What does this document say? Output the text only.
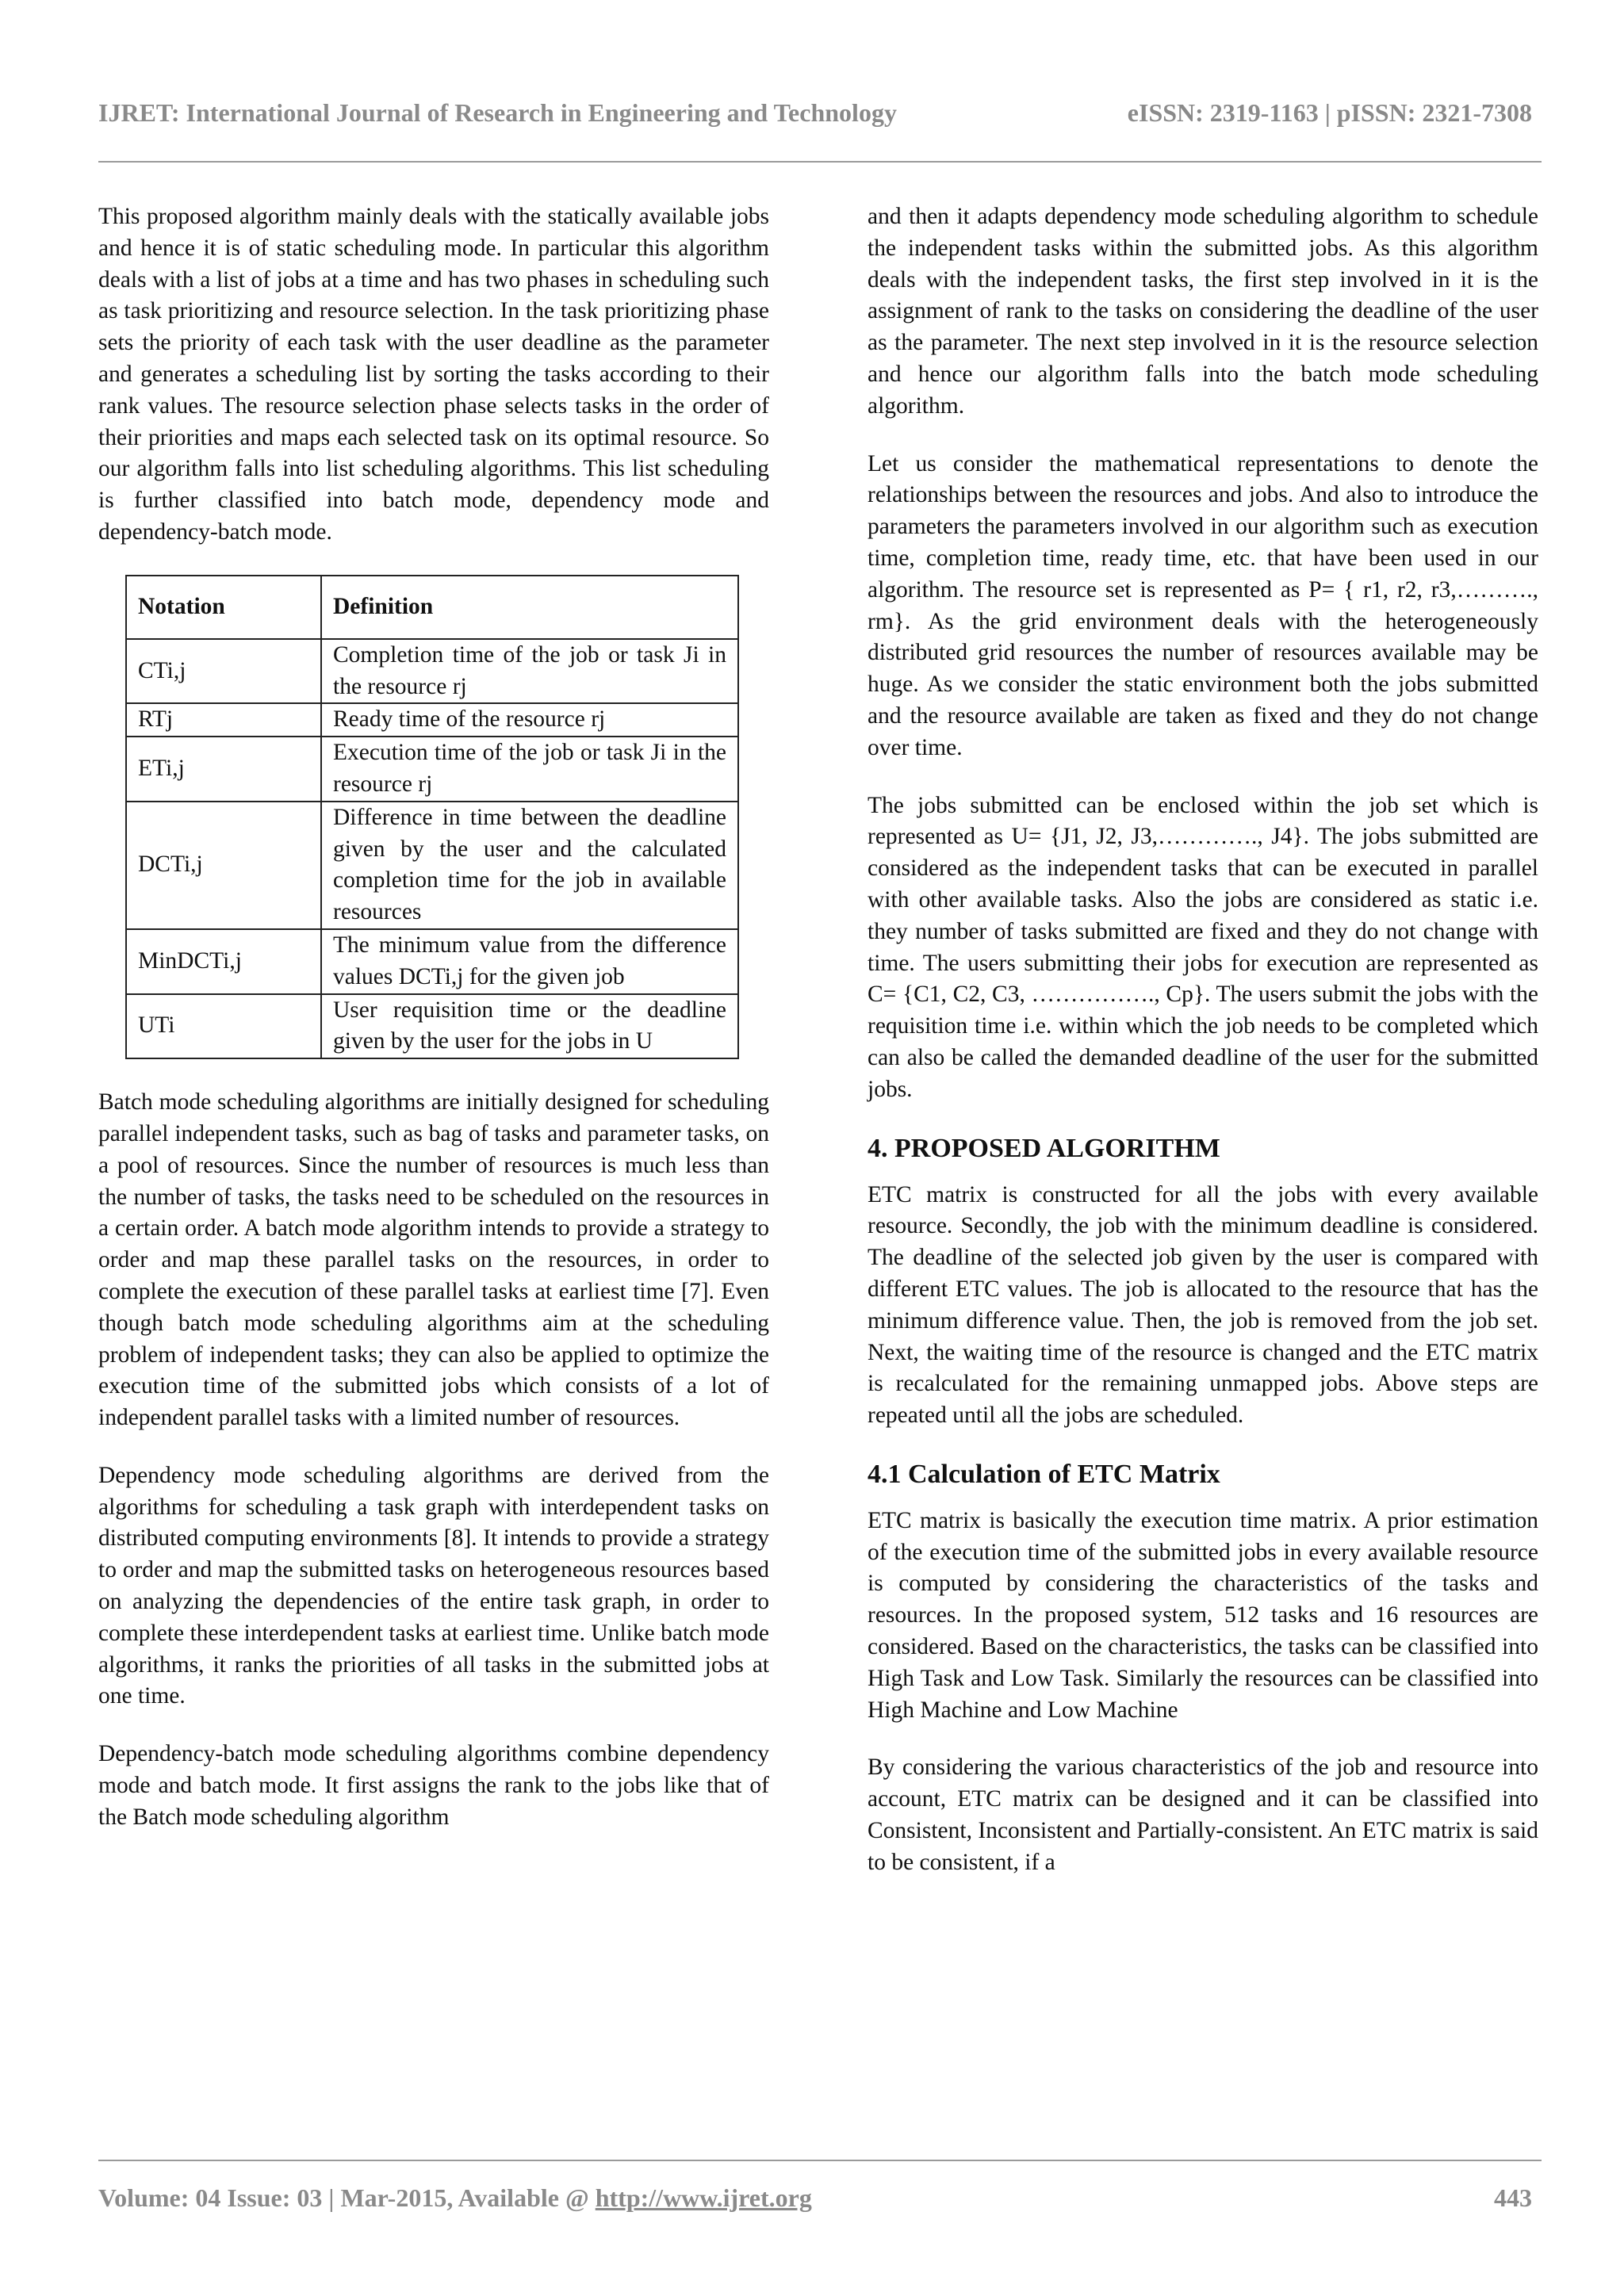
IJRET: International Journal of Research in Engineering and Technology	eISSN: 2319-1163 | pISSN: 2321-7308

This proposed algorithm mainly deals with the statically available jobs and hence it is of static scheduling mode. In particular this algorithm deals with a list of jobs at a time and has two phases in scheduling such as task prioritizing and resource selection. In the task prioritizing phase sets the priority of each task with the user deadline as the parameter and generates a scheduling list by sorting the tasks according to their rank values. The resource selection phase selects tasks in the order of their priorities and maps each selected task on its optimal resource. So our algorithm falls into list scheduling algorithms. This list scheduling is further classified into batch mode, dependency mode and dependency-batch mode.

Notation	Definition
CTi,j	Completion time of the job or task Ji in the resource rj
RTj	Ready time of the resource rj
ETi,j	Execution time of the job or task Ji in the resource rj
DCTi,j	Difference in time between the deadline given by the user and the calculated completion time for the job in available resources
MinDCTi,j	The minimum value from the difference values DCTi,j for the given job
UTi	User requisition time or the deadline given by the user for the jobs in U

Batch mode scheduling algorithms are initially designed for scheduling parallel independent tasks, such as bag of tasks and parameter tasks, on a pool of resources. Since the number of resources is much less than the number of tasks, the tasks need to be scheduled on the resources in a certain order. A batch mode algorithm intends to provide a strategy to order and map these parallel tasks on the resources, in order to complete the execution of these parallel tasks at earliest time [7]. Even though batch mode scheduling algorithms aim at the scheduling problem of independent tasks; they can also be applied to optimize the execution time of the submitted jobs which consists of a lot of independent parallel tasks with a limited number of resources.

Dependency mode scheduling algorithms are derived from the algorithms for scheduling a task graph with interdependent tasks on distributed computing environments [8]. It intends to provide a strategy to order and map the submitted tasks on heterogeneous resources based on analyzing the dependencies of the entire task graph, in order to complete these interdependent tasks at earliest time. Unlike batch mode algorithms, it ranks the priorities of all tasks in the submitted jobs at one time.

Dependency-batch mode scheduling algorithms combine dependency mode and batch mode. It first assigns the rank to the jobs like that of the Batch mode scheduling algorithm

and then it adapts dependency mode scheduling algorithm to schedule the independent tasks within the submitted jobs. As this algorithm deals with the independent tasks, the first step involved in it is the assignment of rank to the tasks on considering the deadline of the user as the parameter. The next step involved in it is the resource selection and hence our algorithm falls into the batch mode scheduling algorithm.

Let us consider the mathematical representations to denote the relationships between the resources and jobs. And also to introduce the parameters the parameters involved in our algorithm such as execution time, completion time, ready time, etc. that have been used in our algorithm. The resource set is represented as P= { r1, r2, r3,………., rm}. As the grid environment deals with the heterogeneously distributed grid resources the number of resources available may be huge. As we consider the static environment both the jobs submitted and the resource available are taken as fixed and they do not change over time.

The jobs submitted can be enclosed within the job set which is represented as U= {J1, J2, J3,…………., J4}. The jobs submitted are considered as the independent tasks that can be executed in parallel with other available tasks. Also the jobs are considered as static i.e. they number of tasks submitted are fixed and they do not change with time. The users submitting their jobs for execution are represented as C= {C1, C2, C3, ……………., Cp}. The users submit the jobs with the requisition time i.e. within which the job needs to be completed which can also be called the demanded deadline of the user for the submitted jobs.

4. PROPOSED ALGORITHM

ETC matrix is constructed for all the jobs with every available resource. Secondly, the job with the minimum deadline is considered. The deadline of the selected job given by the user is compared with different ETC values. The job is allocated to the resource that has the minimum difference value. Then, the job is removed from the job set. Next, the waiting time of the resource is changed and the ETC matrix is recalculated for the remaining unmapped jobs. Above steps are repeated until all the jobs are scheduled.

4.1 Calculation of ETC Matrix

ETC matrix is basically the execution time matrix. A prior estimation of the execution time of the submitted jobs in every available resource is computed by considering the characteristics of the tasks and resources. In the proposed system, 512 tasks and 16 resources are considered. Based on the characteristics, the tasks can be classified into High Task and Low Task. Similarly the resources can be classified into High Machine and Low Machine

By considering the various characteristics of the job and resource into account, ETC matrix can be designed and it can be classified into Consistent, Inconsistent and Partially-consistent. An ETC matrix is said to be consistent, if a

Volume: 04 Issue: 03 | Mar-2015, Available @ http://www.ijret.org	443
